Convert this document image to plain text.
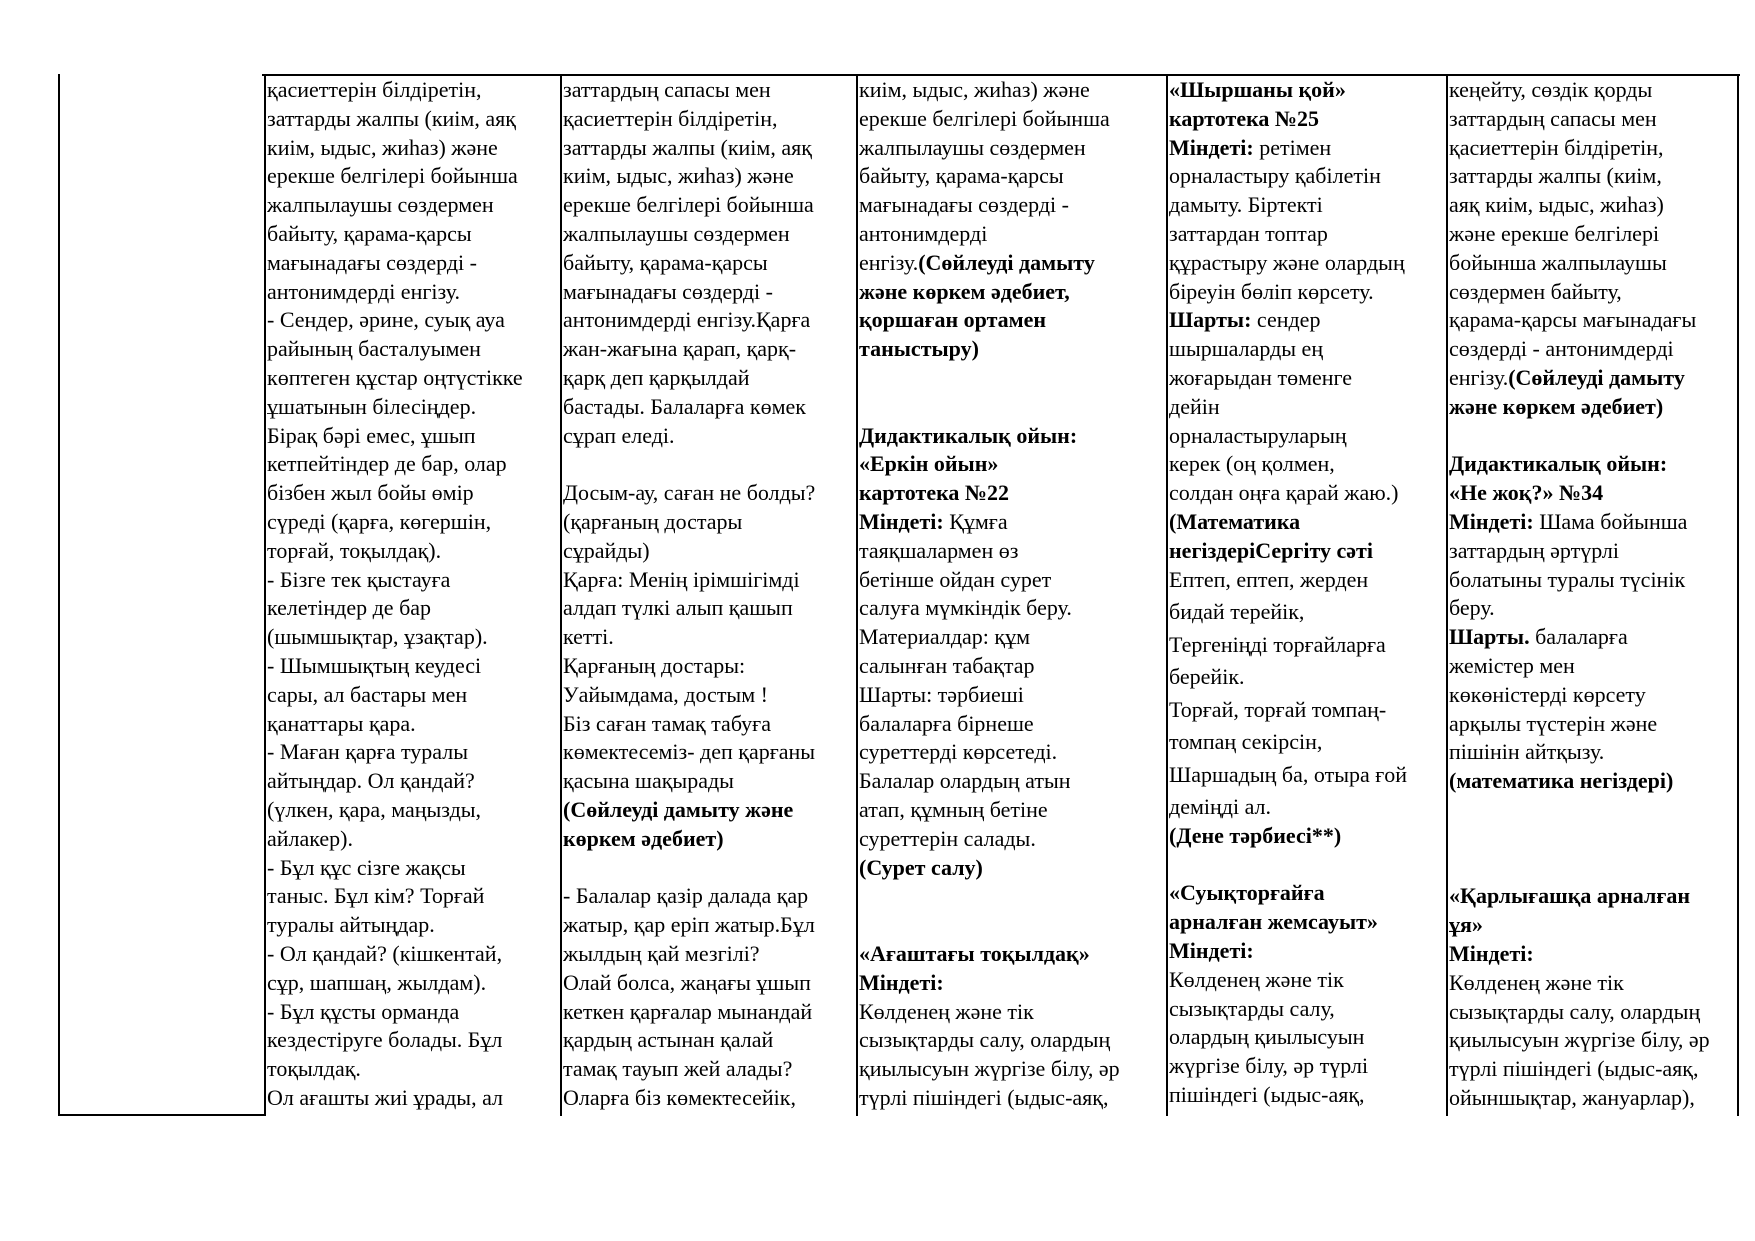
қасиеттерін білдіретін,
заттарды жалпы (киім, аяқ
киім, ыдыс, жиһаз) және
ерекше белгілері бойынша
жалпылаушы сөздермен
байыту, қарама-қарсы
мағынадағы сөздерді -
антонимдерді енгізу.
- Сендер, әрине, суық ауа
райының басталуымен
көптеген құстар оңтүстікке
ұшатынын білесіңдер.
Бірақ бәрі емес, ұшып
кетпейтіндер де бар, олар
бізбен жыл бойы өмір
сүреді (қарға, көгершін,
торғай, тоқылдақ).
- Бізге тек қыстауға
келетіндер де бар
(шымшықтар, ұзақтар).
- Шымшықтың кеудесі
сары, ал бастары мен
қанаттары қара.
- Маған қарға туралы
айтыңдар. Ол қандай?
(үлкен, қара, маңызды,
айлакер).
- Бұл құс сізге жақсы
таныс. Бұл кім? Торғай
туралы айтыңдар.
- Ол қандай? (кішкентай,
сұр, шапшаң, жылдам).
- Бұл құсты орманда
кездестіруге болады. Бұл
тоқылдақ.
Ол ағашты жиі ұрады, ал
заттардың сапасы мен
қасиеттерін білдіретін,
заттарды жалпы (киім, аяқ
киім, ыдыс, жиһаз) және
ерекше белгілері бойынша
жалпылаушы сөздермен
байыту, қарама-қарсы
мағынадағы сөздерді -
антонимдерді енгізу.Қарға
жан-жағына қарап, қарқ-
қарқ деп қарқылдай
бастады. Балаларға көмек
сұрап еледі.
Досым-ау, саған не болды?
(қарғаның достары
сұрайды)
Қарға: Менің ірімшігімді
алдап түлкі алып қашып
кетті.
Қарғаның достары:
Уайымдама, достым !
Біз саған тамақ табуға
көмектесеміз- деп қарғаны
қасына шақырады
(Сөйлеуді дамыту және
көркем әдебиет)
- Балалар қазір далада қар
жатыр, қар еріп жатыр.Бұл
жылдың қай мезгілі?
Олай болса, жаңағы ұшып
кеткен қарғалар мынандай
қардың астынан қалай
тамақ тауып жей алады?
Оларға біз көмектесейік,
киім, ыдыс, жиһаз) және
ерекше белгілері бойынша
жалпылаушы сөздермен
байыту, қарама-қарсы
мағынадағы сөздерді -
антонимдерді
енгізу.(Сөйлеуді дамыту
және көркем әдебиет,
қоршаған ортамен
таныстыру)
Дидактикалық ойын:
«Еркін ойын»
картотека №22
Міндеті: Құмға
таяқшалармен өз
бетінше ойдан сурет
салуға мүмкіндік беру.
Материалдар: құм
салынған табақтар
Шарты: тәрбиеші
балаларға бірнеше
суреттерді көрсетеді.
Балалар олардың атын
атап, құмның бетіне
суреттерін салады.
(Сурет салу)
«Ағаштағы тоқылдақ»
Міндеті:
Көлденең және тік
сызықтарды салу, олардың
қиылысуын жүргізе білу, әр
түрлі пішіндегі (ыдыс-аяқ,
«Шыршаны қой»
картотека №25
Міндеті: ретімен
орналастыру қабілетін
дамыту. Біртекті
заттардан топтар
құрастыру және олардың
біреуін бөліп көрсету.
Шарты: сендер
шыршаларды ең
жоғарыдан төменге
дейін
орналастыруларың
керек (оң қолмен,
солдан оңға қарай жаю.)
(Математика
негіздеріСергіту сәті
Ептеп, ептеп, жерден
бидай терейік,
Тергеніңді торғайларға
берейік.
Торғай, торғай томпаң-
томпаң секірсін,
Шаршадың ба, отыра ғой
деміңді ал.
(Дене тәрбиесі**)
«Суықторғайға
арналған жемсауыт»
Міндеті:
Көлденең және тік
сызықтарды салу,
олардың қиылысуын
жүргізе білу, әр түрлі
пішіндегі (ыдыс-аяқ,
кеңейту, сөздік қорды
заттардың сапасы мен
қасиеттерін білдіретін,
заттарды жалпы (киім,
аяқ киім, ыдыс, жиһаз)
және ерекше белгілері
бойынша жалпылаушы
сөздермен байыту,
қарама-қарсы мағынадағы
сөздерді - антонимдерді
енгізу.(Сөйлеуді дамыту
және көркем әдебиет)
Дидактикалық ойын:
«Не жоқ?» №34
Міндеті: Шама бойынша
заттардың әртүрлі
болатыны туралы түсінік
беру.
Шарты. балаларға
жемістер мен
көкөністерді көрсету
арқылы түстерін және
пішінін айтқызу.
(математика негіздері)
«Қарлығашқа арналған
ұя»
Міндеті:
Көлденең және тік
сызықтарды салу, олардың
қиылысуын жүргізе білу, әр
түрлі пішіндегі (ыдыс-аяқ,
ойыншықтар, жануарлар),
